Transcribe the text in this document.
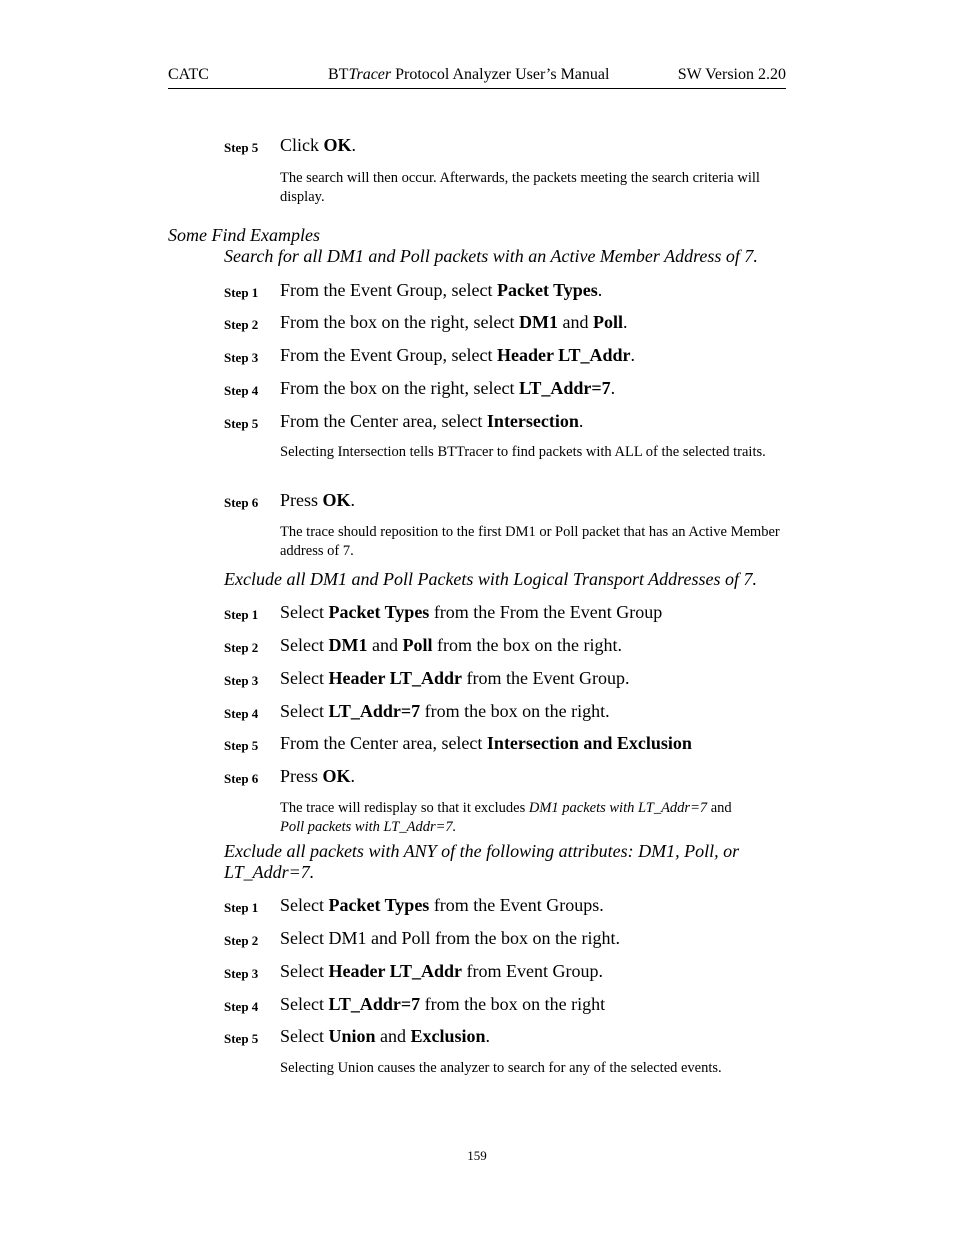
CATC	BTTracer Protocol Analyzer User’s Manual	SW Version 2.20
Step 5 Click OK.
The search will then occur. Afterwards, the packets meeting the search criteria will display.
Some Find Examples
Search for all DM1 and Poll packets with an Active Member Address of 7.
Step 1 From the Event Group, select Packet Types.
Step 2 From the box on the right, select DM1 and Poll.
Step 3 From the Event Group, select Header LT_Addr.
Step 4 From the box on the right, select LT_Addr=7.
Step 5 From the Center area, select Intersection.
Selecting Intersection tells BTTracer to find packets with ALL of the selected traits.
Step 6 Press OK.
The trace should reposition to the first DM1 or Poll packet that has an Active Member address of 7.
Exclude all DM1 and Poll Packets with Logical Transport Addresses of 7.
Step 1 Select Packet Types from the From the Event Group
Step 2 Select DM1 and Poll from the box on the right.
Step 3 Select Header LT_Addr from the Event Group.
Step 4 Select LT_Addr=7 from the box on the right.
Step 5 From the Center area, select Intersection and Exclusion
Step 6 Press OK.
The trace will redisplay so that it excludes DM1 packets with LT_Addr=7 and
Poll packets with LT_Addr=7.
Exclude all packets with ANY of the following attributes: DM1, Poll, or
LT_Addr=7.
Step 1 Select Packet Types from the Event Groups.
Step 2 Select DM1 and Poll from the box on the right.
Step 3 Select Header LT_Addr from Event Group.
Step 4 Select LT_Addr=7 from the box on the right
Step 5 Select Union and Exclusion.
Selecting Union causes the analyzer to search for any of the selected events.
159
